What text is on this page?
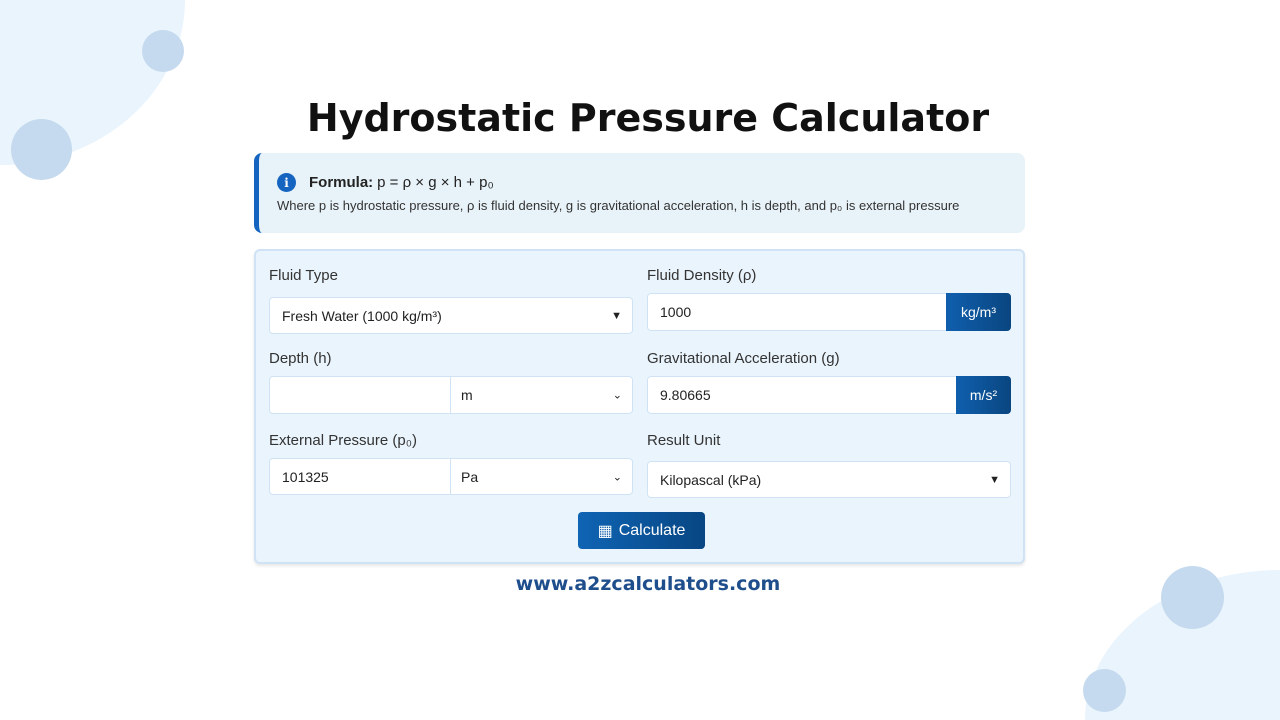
Hydrostatic Pressure Calculator
i	Formula: p = ρ × g × h + p₀
Where p is hydrostatic pressure, ρ is fluid density, g is gravitational acceleration, h is depth, and p₀ is external pressure
Fluid Type
Fresh Water (1000 kg/m³)	▼
Fluid Density (ρ)
1000	kg/m³
Depth (h)
m	⌄
Gravitational Acceleration (g)
9.80665	m/s²
External Pressure (p₀)
101325	Pa	⌄
Result Unit
Kilopascal (kPa)	▼
▦ Calculate
www.a2zcalculators.com
